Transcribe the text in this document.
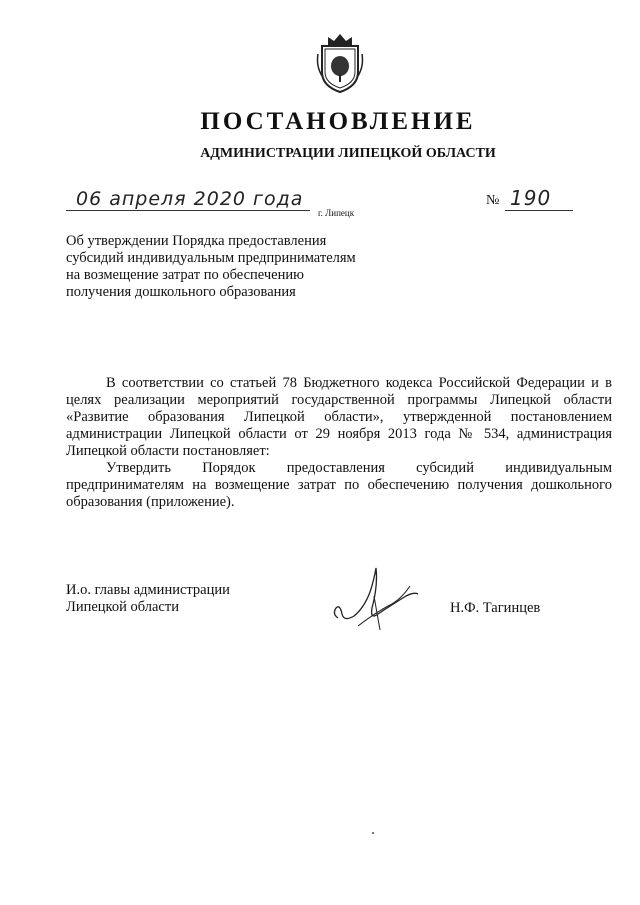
ПОСТАНОВЛЕНИЕ
АДМИНИСТРАЦИИ ЛИПЕЦКОЙ ОБЛАСТИ
06 апреля 2020 года
г. Липецк
№ 190
Об утверждении Порядка предоставления
субсидий индивидуальным предпринимателям
на возмещение затрат по обеспечению
получения дошкольного образования

В соответствии со статьей 78 Бюджетного кодекса Российской Федерации и в целях реализации мероприятий государственной программы Липецкой области «Развитие образования Липецкой области», утвержденной постановлением администрации Липецкой области от 29 ноября 2013 года № 534, администрация Липецкой области постановляет:

Утвердить Порядок предоставления субсидий индивидуальным предпринимателям на возмещение затрат по обеспечению получения дошкольного образования (приложение).

И.о. главы администрации
Липецкой области	Н.Ф. Тагинцев
